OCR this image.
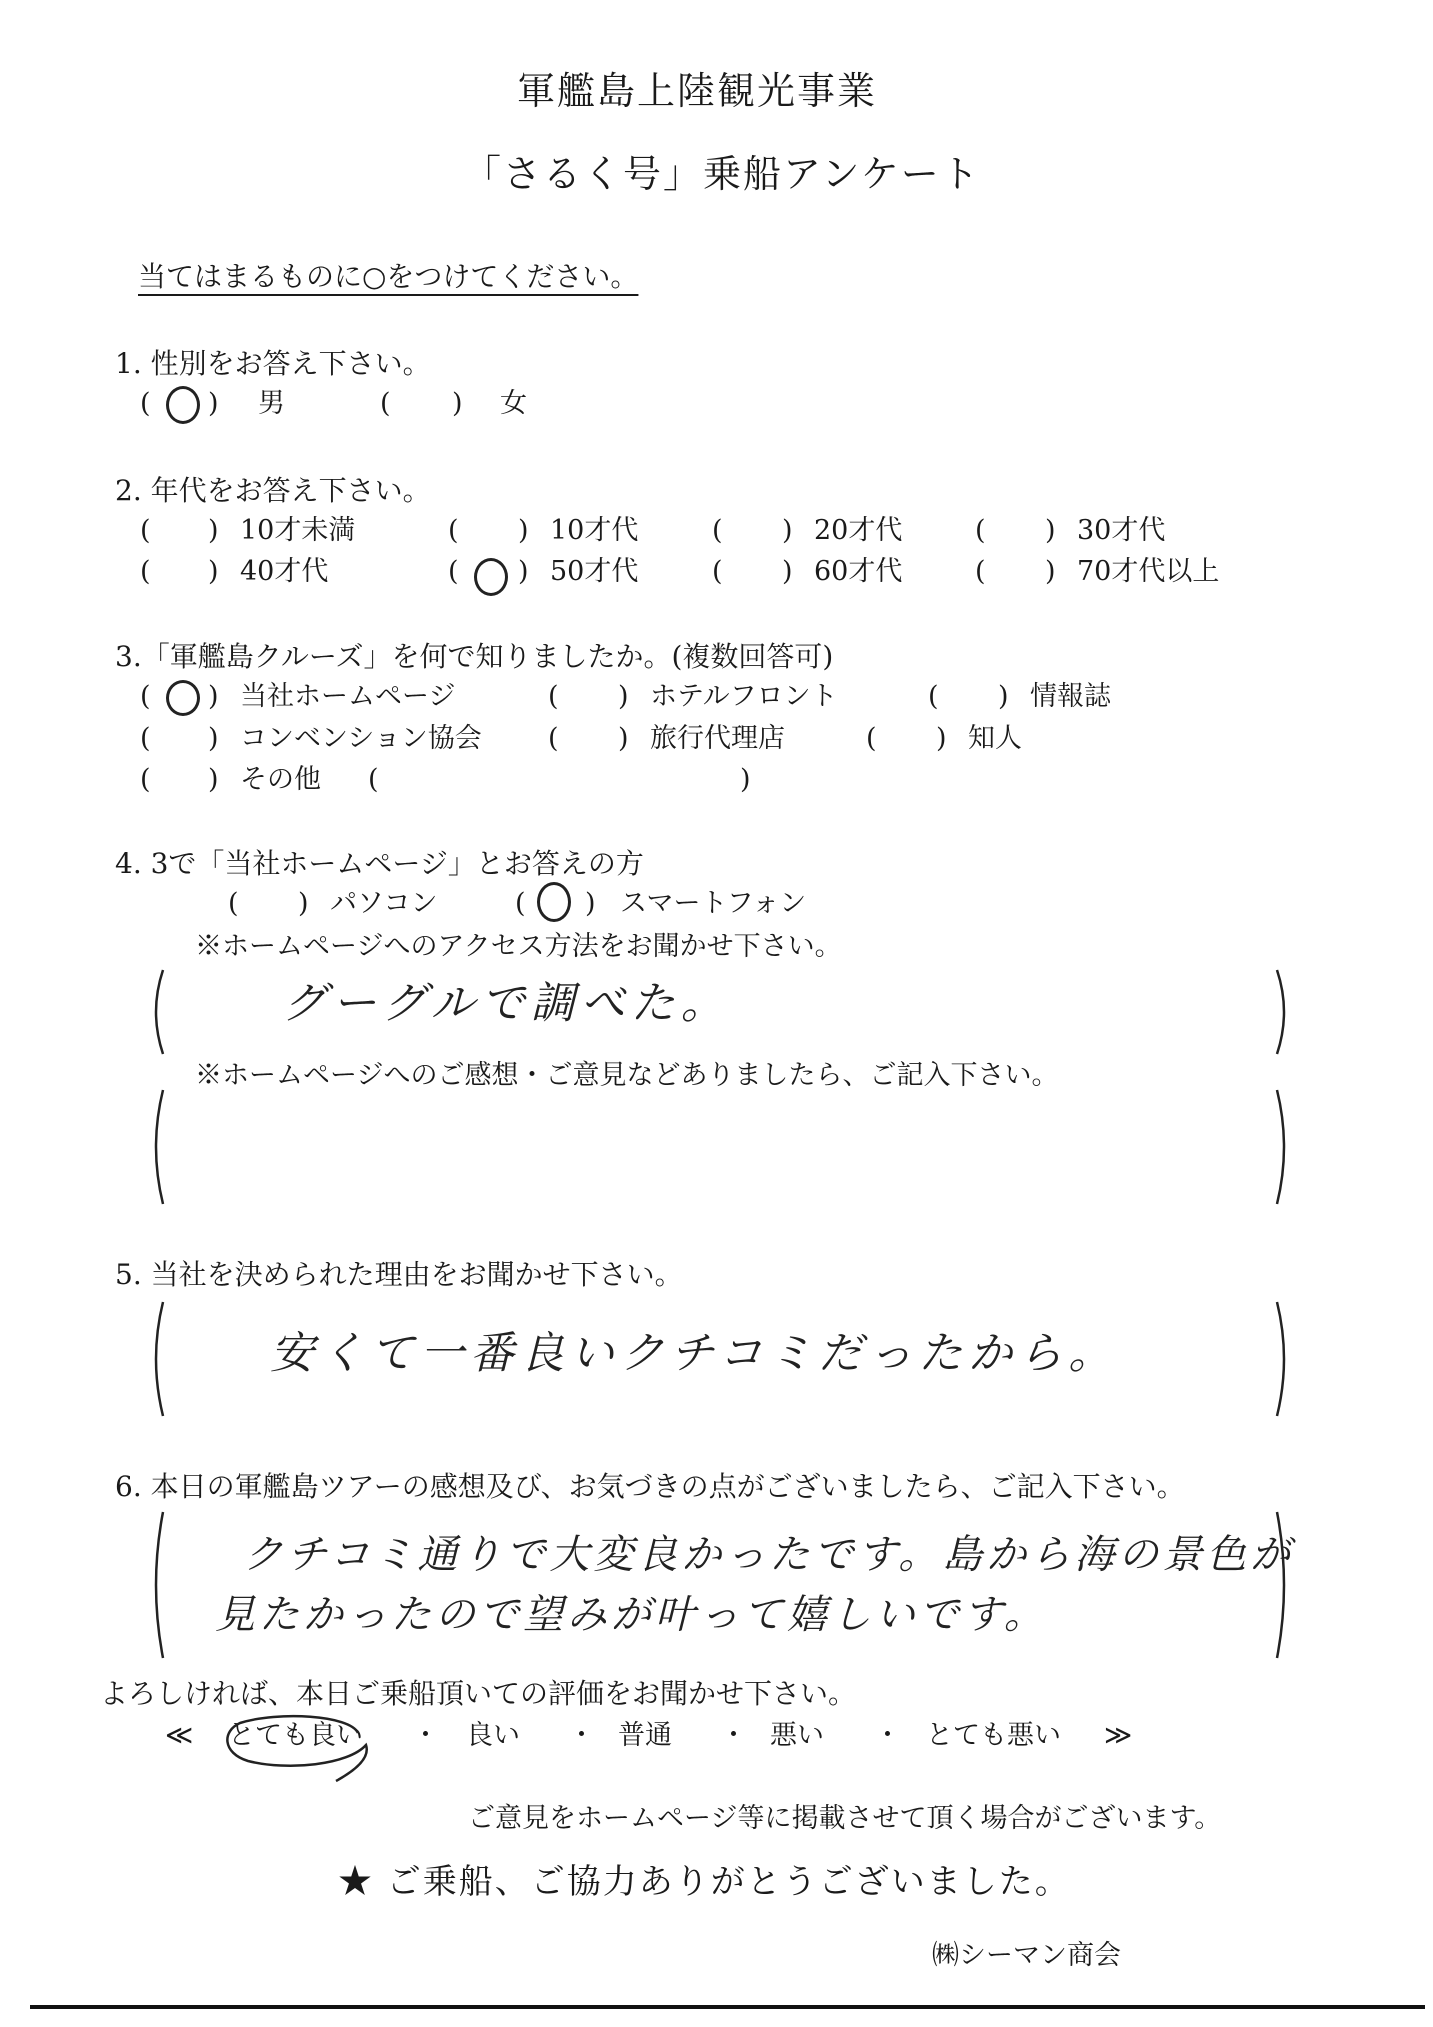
軍艦島上陸観光事業
「さるく号」乗船アンケート
当てはまるものに○をつけてください。
1. 性別をお答え下さい。
( ) 男	( ) 女
2. 年代をお答え下さい。
( ) 10才未満	( ) 10才代	( ) 20才代	( ) 30才代
( ) 40才代	( ) 50才代	( ) 60才代	( ) 70才代以上
3.「軍艦島クルーズ」を何で知りましたか。(複数回答可)
( ) 当社ホームページ	( ) ホテルフロント	( ) 情報誌
( ) コンベンション協会 ( ) 旅行代理店	( ) 知人
( ) その他 (	)
4. 3で「当社ホームページ」とお答えの方
( ) パソコン	( ) スマートフォン
※ホームページへのアクセス方法をお聞かせ下さい。
グーグルで調べた。
※ホームページへのご感想・ご意見などありましたら、ご記入下さい。
5. 当社を決められた理由をお聞かせ下さい。
安くて一番良いクチコミだったから。
6. 本日の軍艦島ツアーの感想及び、お気づきの点がございましたら、ご記入下さい。
クチコミ通りで大変良かったです。島から海の景色が
見たかったので望みが叶って嬉しいです。
よろしければ、本日ご乗船頂いての評価をお聞かせ下さい。
≪ とても良い ・ 良い ・ 普通 ・ 悪い ・ とても悪い ≫
ご意見をホームページ等に掲載させて頂く場合がございます。
★ ご乗船、ご協力ありがとうございました。
㈱シーマン商会
